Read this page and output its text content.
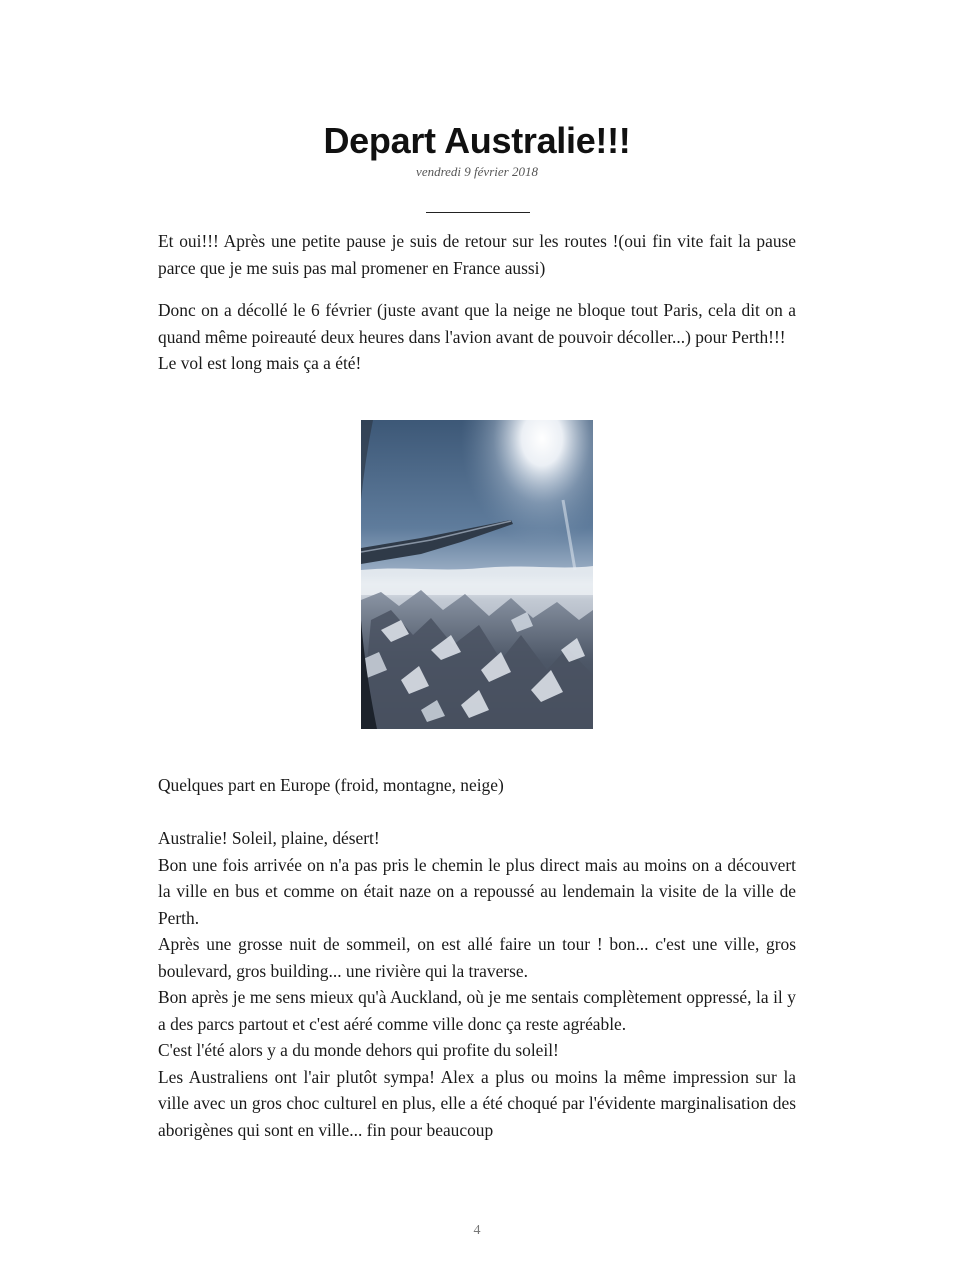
Depart Australie!!!
vendredi 9 février 2018
Et oui!!! Après une petite pause je suis de retour sur les routes !(oui fin vite fait la pause parce que je me suis pas mal promener en France aussi)
Donc on a décollé le 6 février (juste avant que la neige ne bloque tout Paris, cela dit on a quand même poireauté deux heures dans l'avion avant de pouvoir décoller...) pour Perth!!!
Le vol est long mais ça a été!
Quelques part en Europe (froid, montagne, neige)
Australie! Soleil, plaine, désert!
Bon une fois arrivée on n'a pas pris le chemin le plus direct mais au moins on a découvert la ville en bus et comme on était naze on a repoussé au lendemain la visite de la ville de Perth.
Après une grosse nuit de sommeil, on est allé faire un tour ! bon... c'est une ville, gros boulevard, gros building... une rivière qui la traverse.
Bon après je me sens mieux qu'à Auckland, où je me sentais complètement oppressé, la il y a des parcs partout et c'est aéré comme ville donc ça reste agréable.
C'est l'été alors y a du monde dehors qui profite du soleil!
Les Australiens ont l'air plutôt sympa! Alex a plus ou moins la même impression sur la ville avec un gros choc culturel en plus, elle a été choqué par l'évidente marginalisation des aborigènes qui sont en ville... fin pour beaucoup
4
